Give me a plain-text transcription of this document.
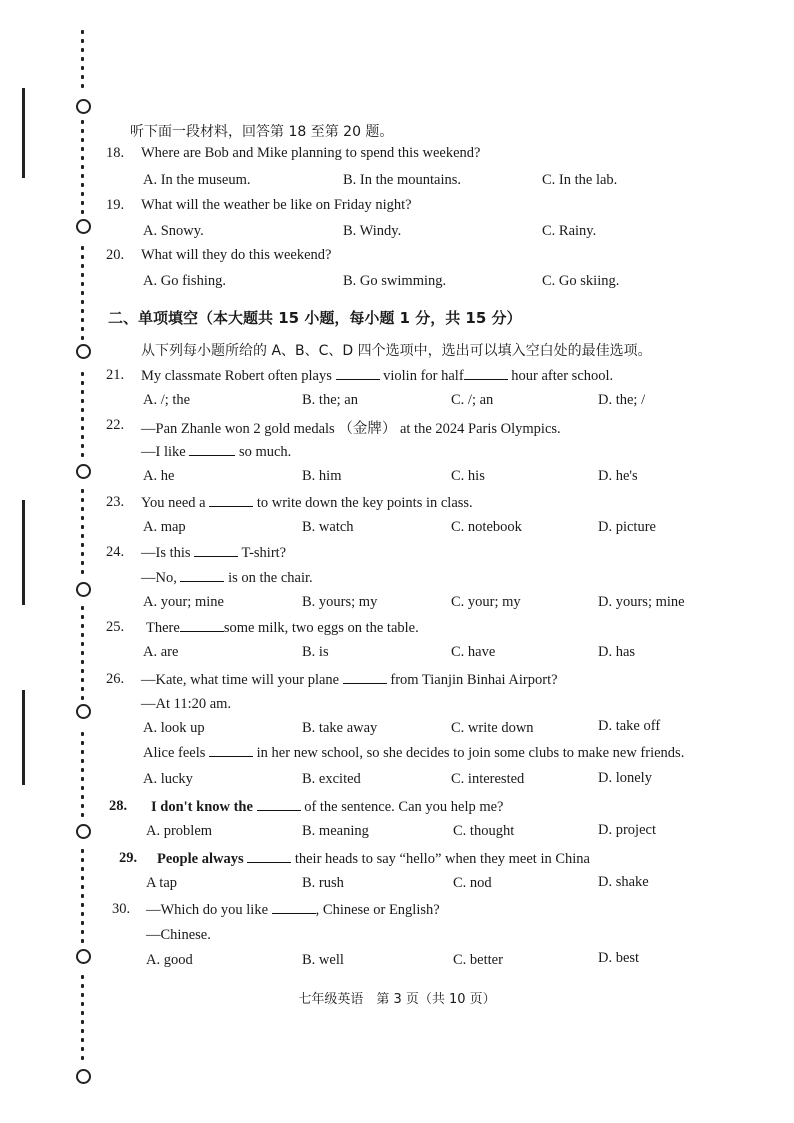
听下面一段材料，回答第 18 至第 20 题。
18. Where are Bob and Mike planning to spend this weekend?
A. In the museum.	B. In the mountains.	C. In the lab.
19. What will the weather be like on Friday night?
A. Snowy.	B. Windy.	C. Rainy.
20. What will they do this weekend?
A. Go fishing.	B. Go swimming.	C. Go skiing.
二、单项填空（本大题共 15 小题，每小题 1 分，共 15 分）
从下列每小题所给的 A、B、C、D 四个选项中，选出可以填入空白处的最佳选项。
21. My classmate Robert often plays	violin for half	hour after school.
A. /; the	B. the; an	C. /; an	D. the; /
22. —Pan Zhanle won 2 gold medals （金牌） at the 2024 Paris Olympics.
—I like	so much.
A. he	B. him	C. his	D. he's
23. You need a	to write down the key points in class.
A. map	B. watch	C. notebook	D. picture
24. —Is this	T-shirt?
—No,	is on the chair.
A. your; mine	B. yours; my	C. your; my	D. yours; mine
25. There	some milk, two eggs on the table.
A. are	B. is	C. have	D. has
26. —Kate, what time will your plane	from Tianjin Binhai Airport?
—At 11:20 am.
A. look up	B. take away	C. write down	D. take off
Alice feels	in her new school, so she decides to join some clubs to make new friends.
A. lucky	B. excited	C. interested	D. lonely
28. I don't know the	of the sentence. Can you help me?
A. problem	B. meaning	C. thought	D. project
29. People always	their heads to say “hello” when they meet in China
A tap	B. rush	C. nod	D. shake
30. —Which do you like	, Chinese or English?
—Chinese.
A. good	B. well	C. better	D. best
七年级英语　第 3 页（共 10 页）
